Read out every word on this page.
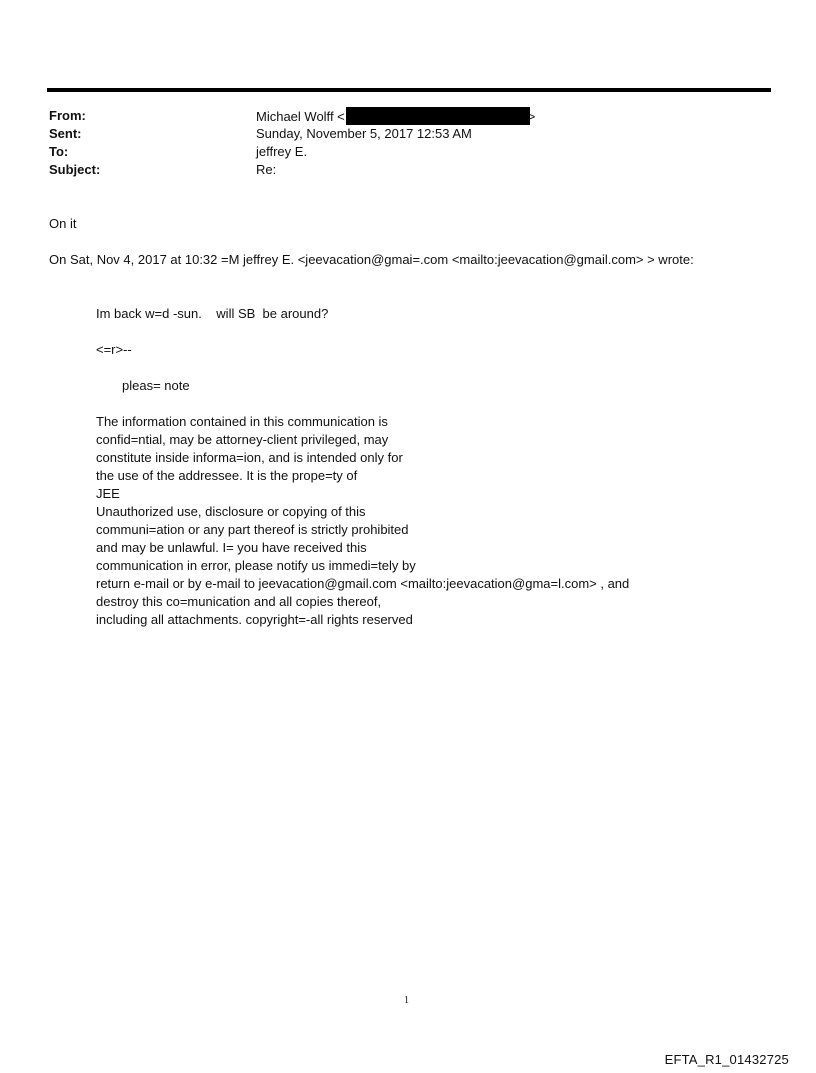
From:	Michael Wolff <	>
Sent:	Sunday, November 5, 2017 12:53 AM
To:	jeffrey E.
Subject:	Re:
On it
On Sat, Nov 4, 2017 at 10:32 =M jeffrey E. <jeevacation@gmai=.com <mailto:jeevacation@gmail.com> > wrote:
Im back w=d -sun.    will SB  be around?
<=r>--
pleas= note
The information contained in this communication is
confid=ntial, may be attorney-client privileged, may
constitute inside informa=ion, and is intended only for
the use of the addressee. It is the prope=ty of
JEE
Unauthorized use, disclosure or copying of this
communi=ation or any part thereof is strictly prohibited
and may be unlawful. I= you have received this
communication in error, please notify us immedi=tely by
return e-mail or by e-mail to jeevacation@gmail.com <mailto:jeevacation@gma=l.com> , and
destroy this co=munication and all copies thereof,
including all attachments. copyright=-all rights reserved
1
EFTA_R1_01432725
